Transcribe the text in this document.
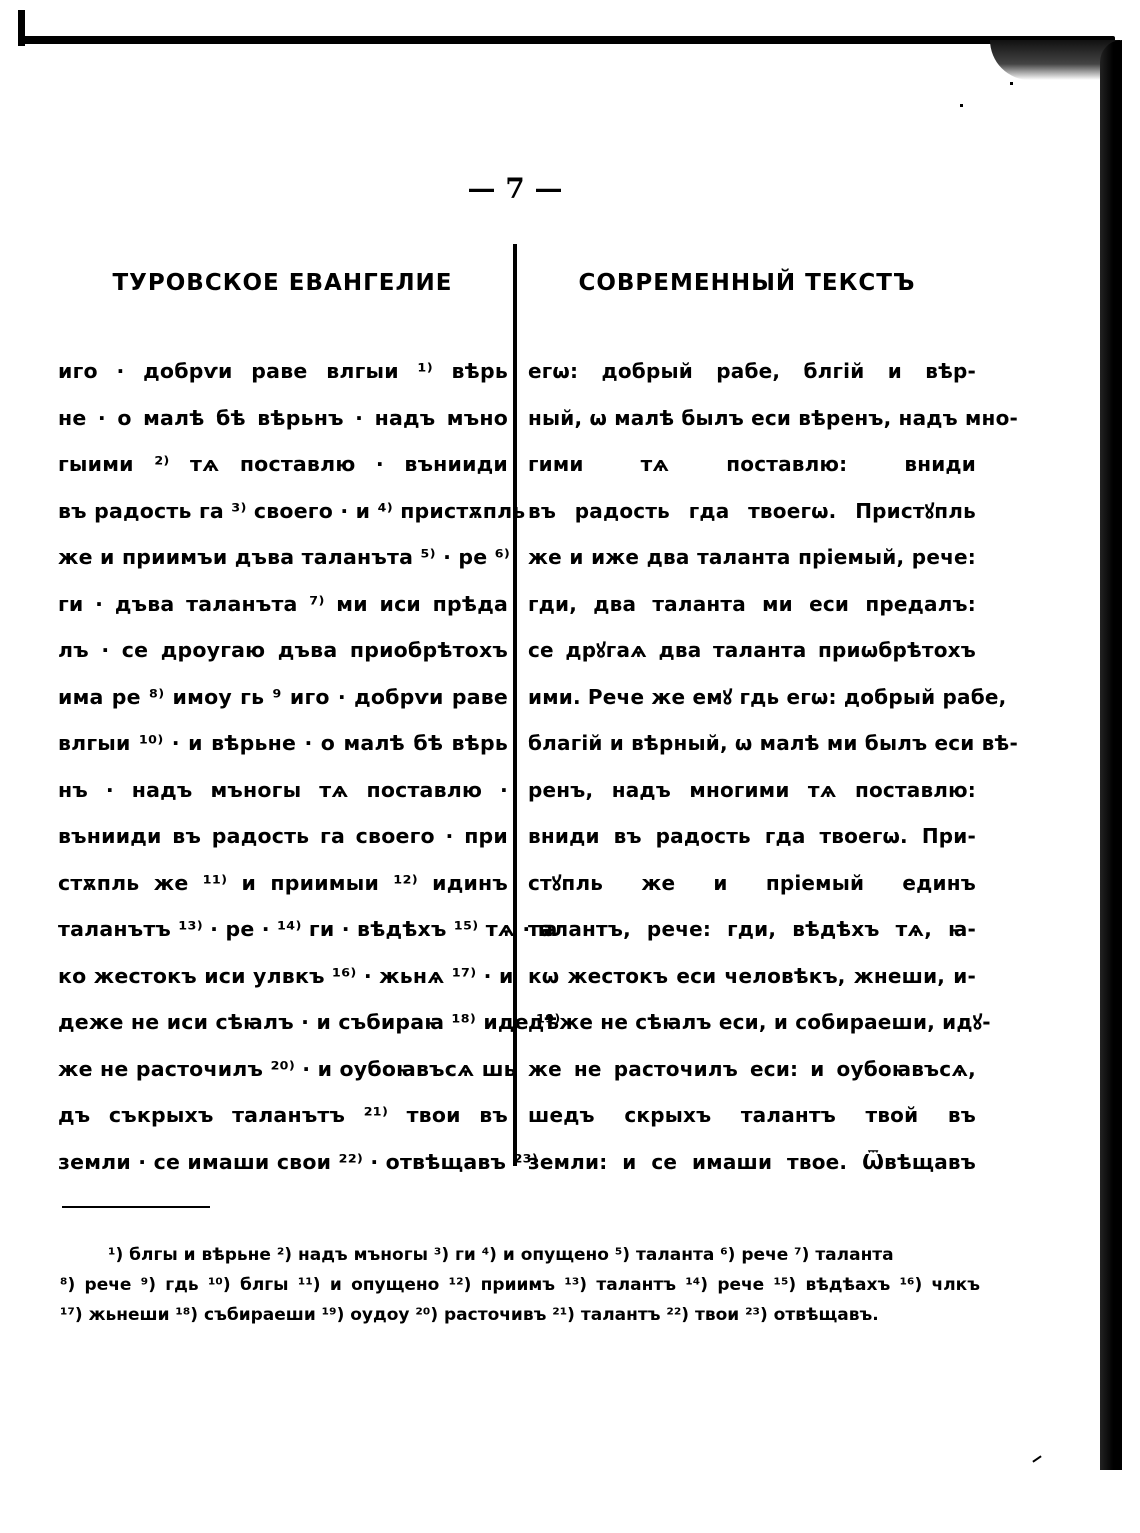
— 7 —
ТУРОВСКОЕ ЕВАНГЕЛИЕ	СОВРЕМЕННЫЙ ТЕКСТЪ
иго · добрѵи раве влгыи ¹⁾ вѣрь
не · о малѣ бѣ вѣрьнъ · надъ мъно
гыими ²⁾ тѧ поставлю · вънииди
въ радость га ³⁾ своего · и ⁴⁾ пристѫпль
же и приимъи дъва таланъта ⁵⁾ · ре ⁶⁾
ги · дъва таланъта ⁷⁾ ми иси прѣда
лъ · се дроугаю дъва приобрѣтохъ
има ре ⁸⁾ имоу гь ⁹ иго · добрѵи раве
влгыи ¹⁰⁾ · и вѣрьне · о малѣ бѣ вѣрь
нъ · надъ мъногы тѧ поставлю ·
вънииди въ радость га своего · при
стѫпль же ¹¹⁾ и приимыи ¹²⁾ идинъ
таланътъ ¹³⁾ · ре · ¹⁴⁾ ги · вѣдѣхъ ¹⁵⁾ тѧ · ꙗ
ко жестокъ иси улвкъ ¹⁶⁾ · жьнѧ ¹⁷⁾ · и
деже не иси сѣꙗлъ · и събираꙗ ¹⁸⁾ иде ¹⁹⁾
же не расточилъ ²⁰⁾ · и оубоꙗвъсѧ шь
дъ съкрыхъ таланътъ ²¹⁾ твои въ
земли · се имаши свои ²²⁾ · отвѣщавъ ²³⁾
егѡ: добрый рабе, блгій и вѣр-
ный, ѡ малѣ былъ еси вѣренъ, надъ мно-
гими тѧ поставлю: вниди
въ радость гда твоегѡ. Пристꙋпль
же и иже два таланта пріемый, рече:
гди, два таланта ми еси предалъ:
се дрꙋгаѧ два таланта приѡбрѣтохъ
ими. Рече же емꙋ гдь егѡ: добрый рабе,
благій и вѣрный, ѡ малѣ ми былъ еси вѣ-
ренъ, надъ многими тѧ поставлю:
вниди въ радость гда твоегѡ. При-
стꙋпль же и пріемый единъ
талантъ, рече: гди, вѣдѣхъ тѧ, ꙗ-
кѡ жестокъ еси человѣкъ, жнеши, и-
дѣже не сѣꙗлъ еси, и собираеши, идꙋ-
же не расточилъ еси: и оубоꙗвъсѧ,
шедъ скрыхъ талантъ твой въ
земли: и се имаши твое. Ѿвѣщавъ
¹) блгы и вѣрьне ²) надъ мъногы ³) ги ⁴) и опущено ⁵) таланта ⁶) рече ⁷) таланта
⁸) рече ⁹) гдь ¹⁰) блгы ¹¹) и опущено ¹²) приимъ ¹³) талантъ ¹⁴) рече ¹⁵) вѣдѣахъ ¹⁶) члкъ
¹⁷) жьнеши ¹⁸) събираеши ¹⁹) оудоу ²⁰) расточивъ ²¹) талантъ ²²) твои ²³) отвѣщавъ.
